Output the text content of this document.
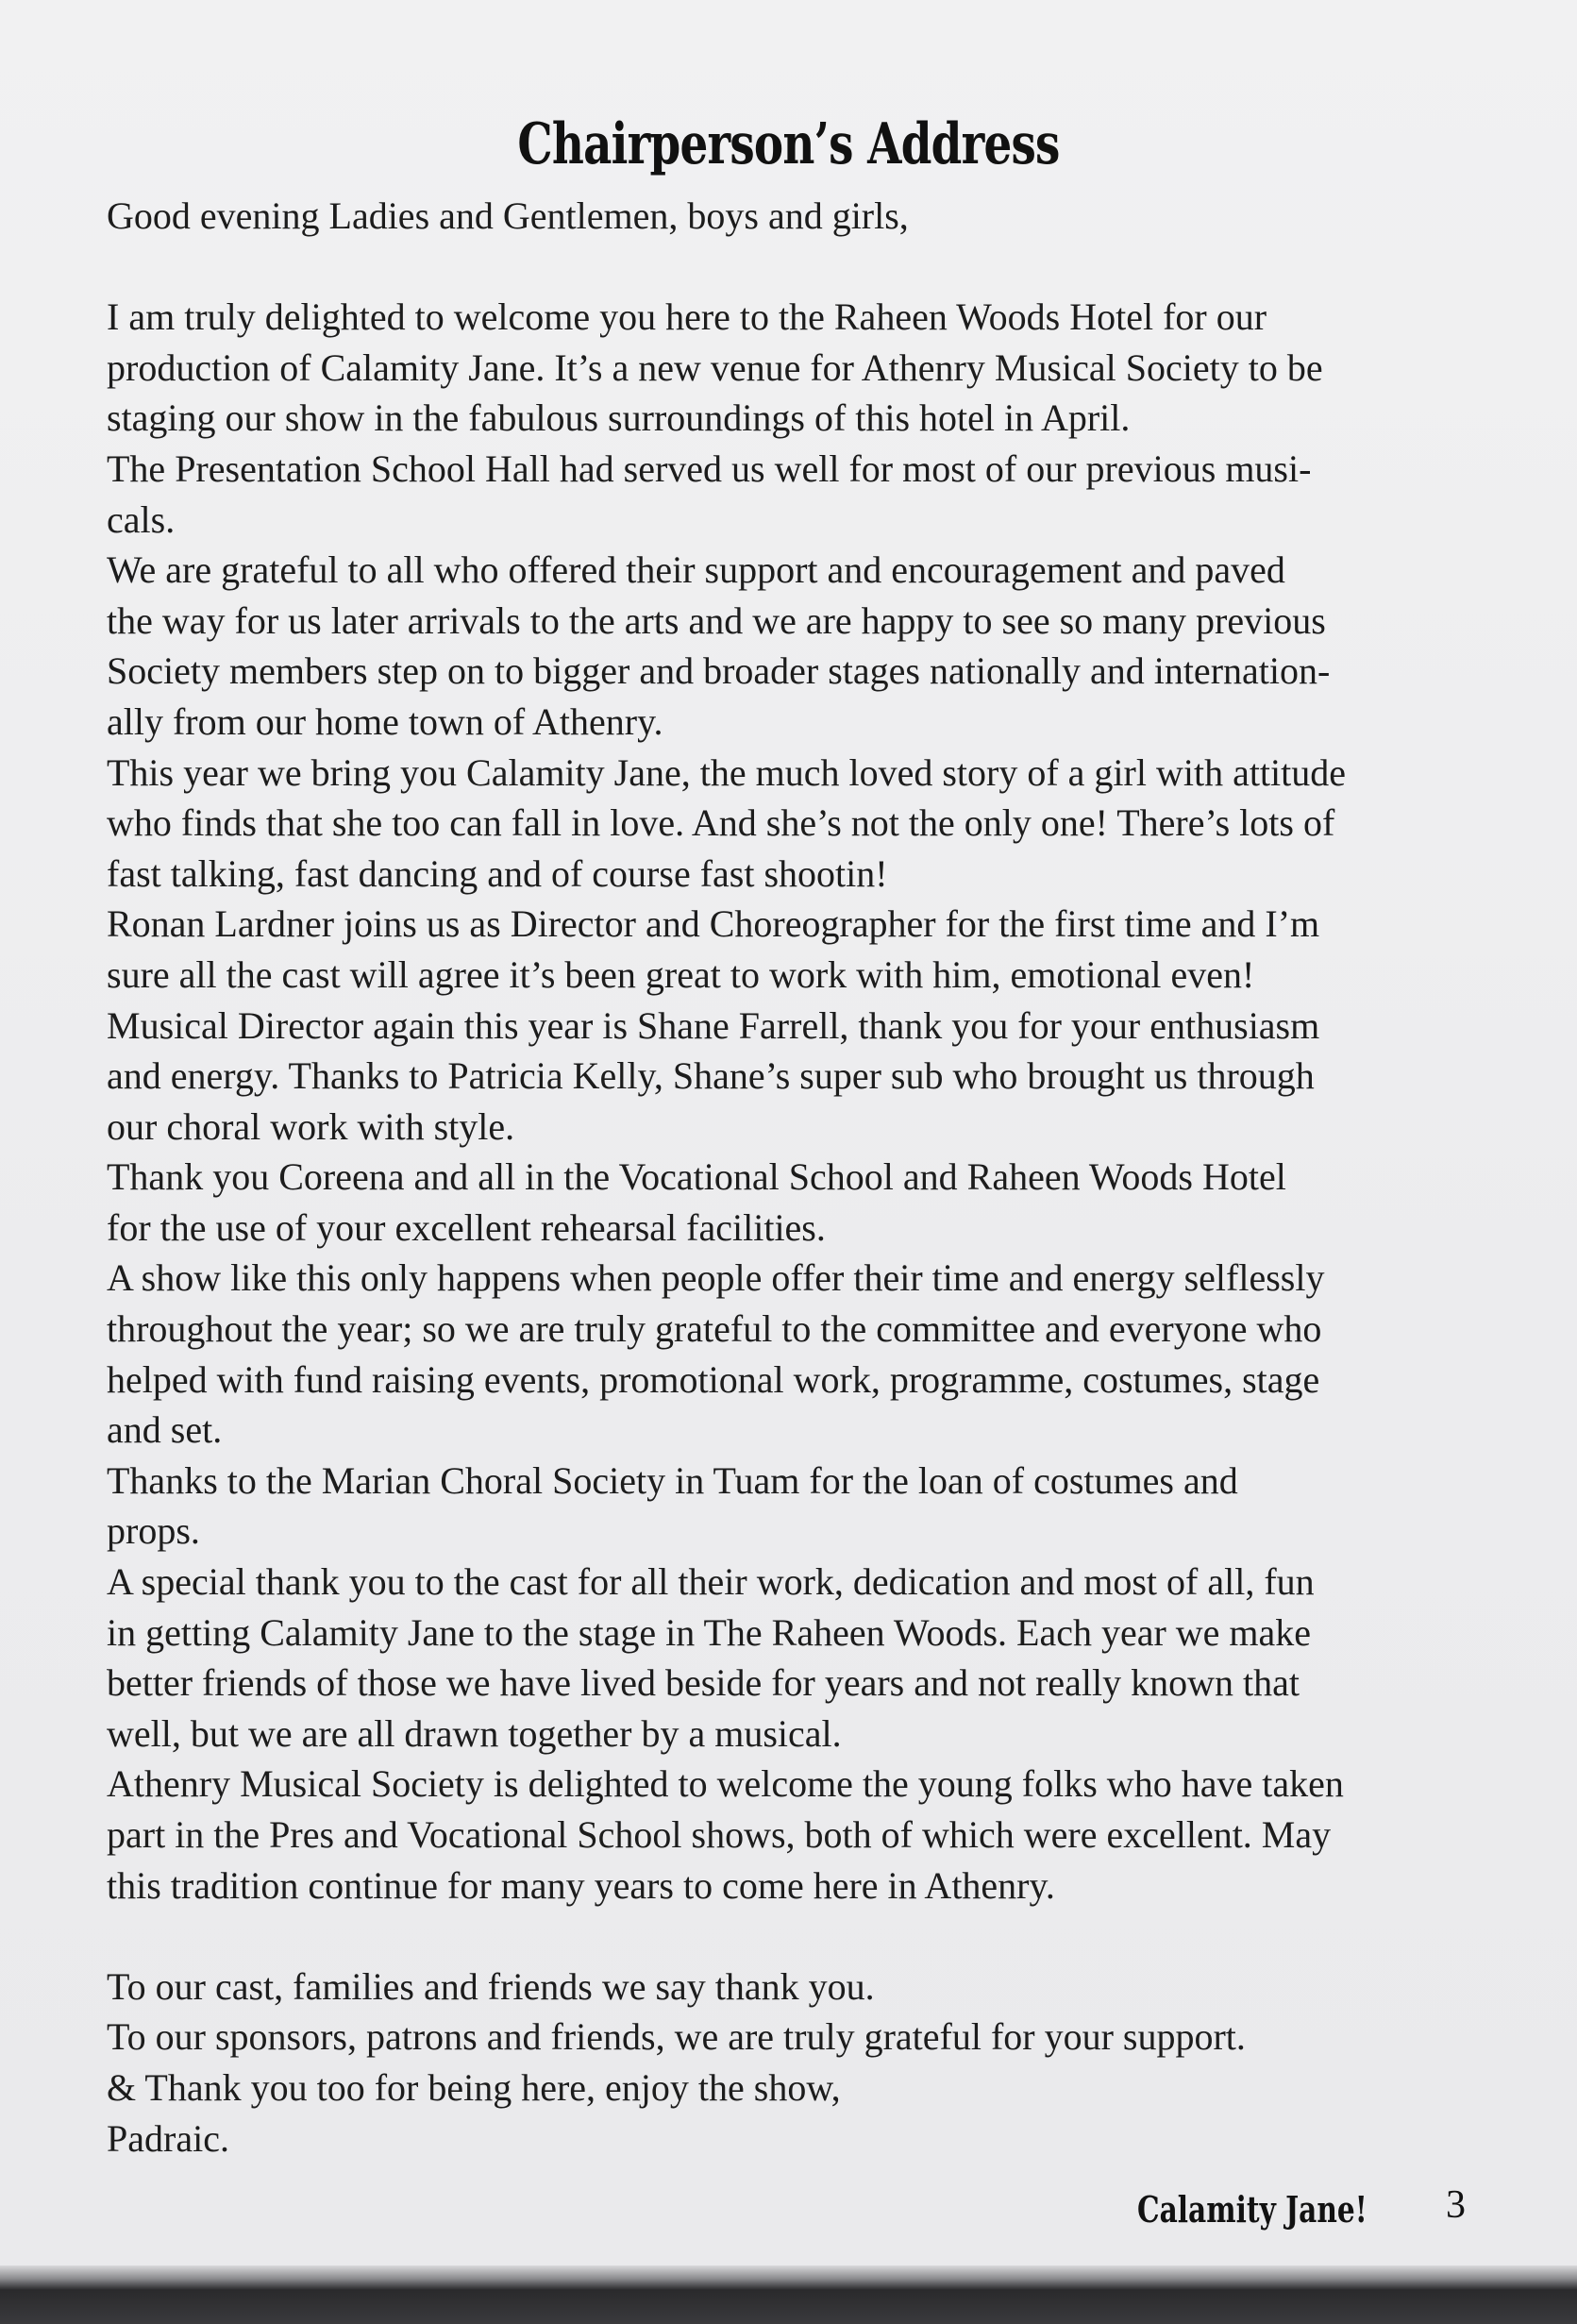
Chairperson’s Address
Good evening Ladies and Gentlemen, boys and girls,
I am truly delighted to welcome you here to the Raheen Woods Hotel for our
production of Calamity Jane. It’s a new venue for Athenry Musical Society to be
staging our show in the fabulous surroundings of this hotel in April.
The Presentation School Hall had served us well for most of our previous musi-
cals.
We are grateful to all who offered their support and encouragement and paved
the way for us later arrivals to the arts and we are happy to see so many previous
Society members step on to bigger and broader stages nationally and internation-
ally from our home town of Athenry.
This year we bring you Calamity Jane, the much loved story of a girl with attitude
who finds that she too can fall in love. And she’s not the only one! There’s lots of
fast talking, fast dancing and of course fast shootin!
Ronan Lardner joins us as Director and Choreographer for the first time and I’m
sure all the cast will agree it’s been great to work with him, emotional even!
Musical Director again this year is Shane Farrell, thank you for your enthusiasm
and energy. Thanks to Patricia Kelly, Shane’s super sub who brought us through
our choral work with style.
Thank you Coreena and all in the Vocational School and Raheen Woods Hotel
for the use of your excellent rehearsal facilities.
A show like this only happens when people offer their time and energy selflessly
throughout the year; so we are truly grateful to the committee and everyone who
helped with fund raising events, promotional work, programme, costumes, stage
and set.
Thanks to the Marian Choral Society in Tuam for the loan of costumes and
props.
A special thank you to the cast for all their work, dedication and most of all, fun
in getting Calamity Jane to the stage in The Raheen Woods. Each year we make
better friends of those we have lived beside for years and not really known that
well, but we are all drawn together by a musical.
Athenry Musical Society is delighted to welcome the young folks who have taken
part in the Pres and Vocational School shows, both of which were excellent. May
this tradition continue for many years to come here in Athenry.
To our cast, families and friends we say thank you.
To our sponsors, patrons and friends, we are truly grateful for your support.
& Thank you too for being here, enjoy the show,
Padraic.
Calamity Jane! 3
